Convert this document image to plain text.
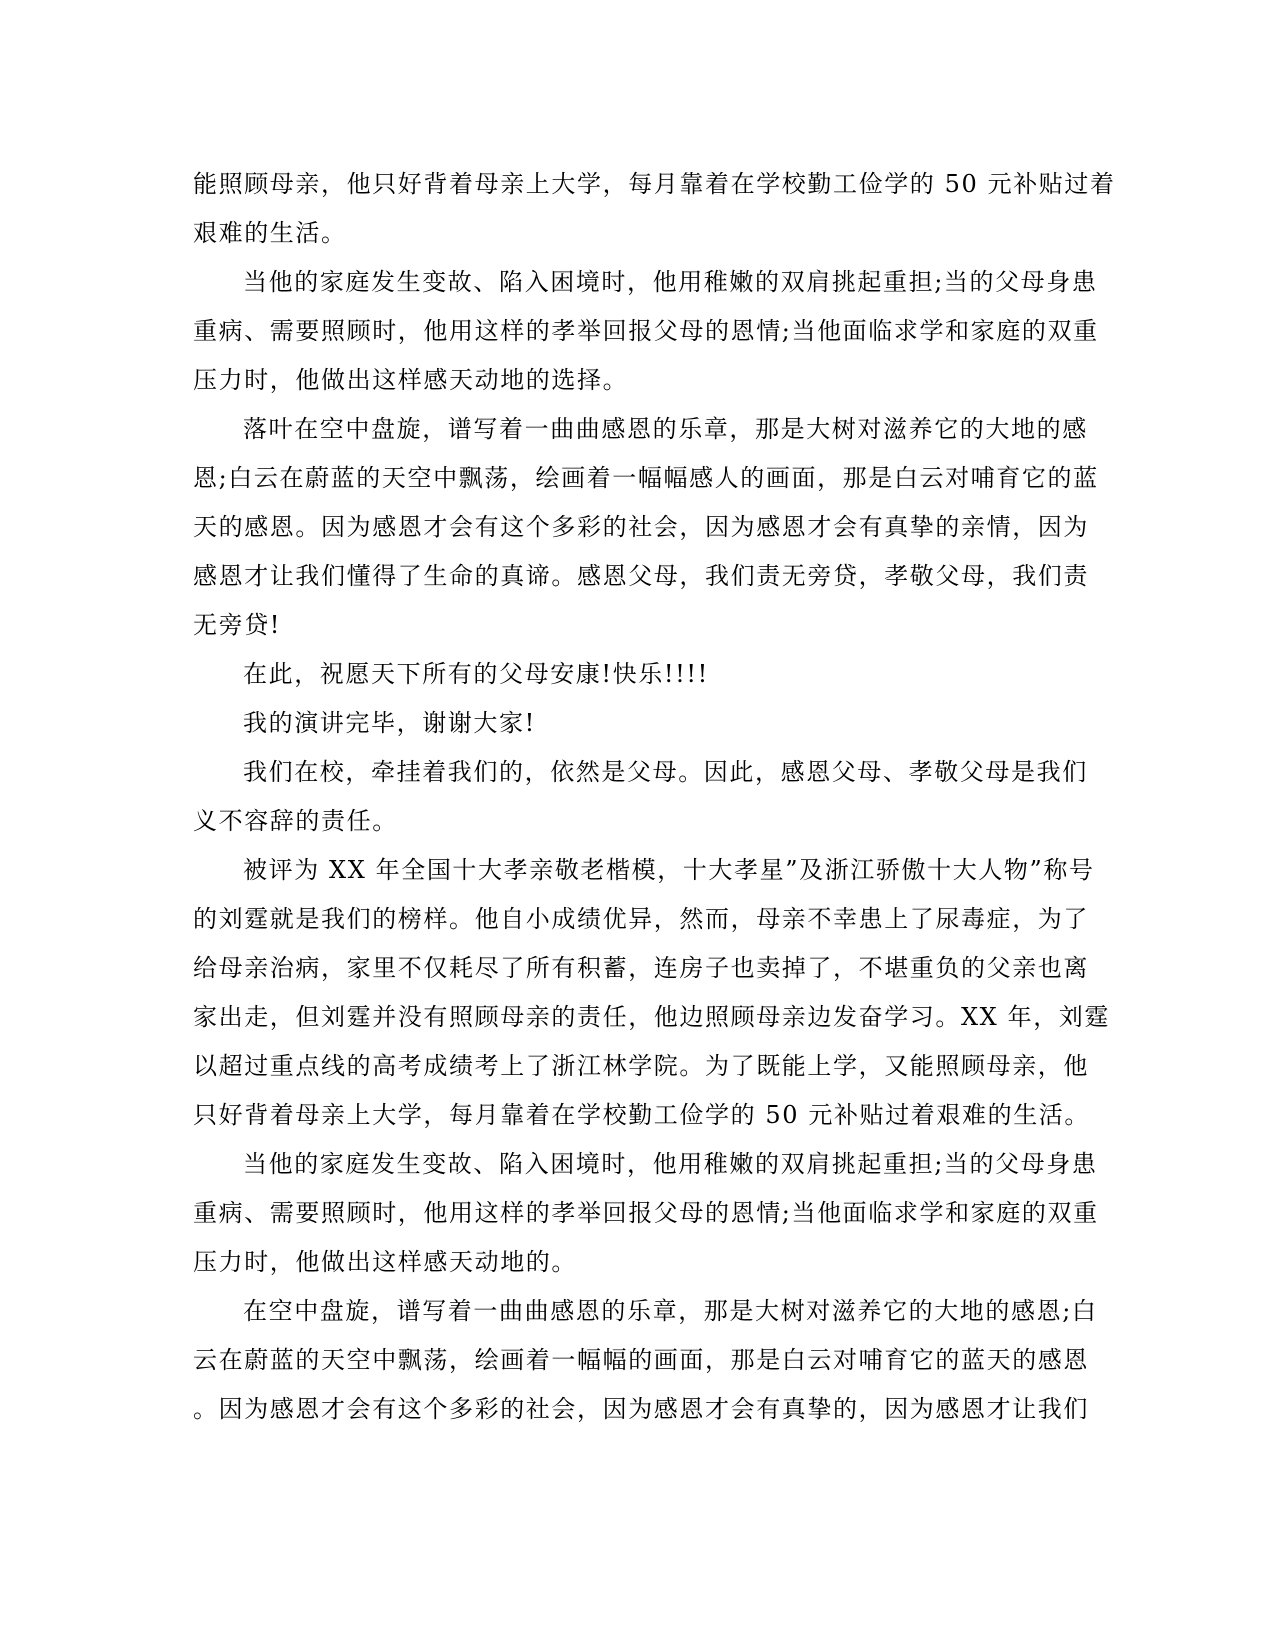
能照顾母亲，他只好背着母亲上大学，每月靠着在学校勤工俭学的 50 元补贴过着
艰难的生活。
当他的家庭发生变故、陷入困境时，他用稚嫩的双肩挑起重担;当的父母身患
重病、需要照顾时，他用这样的孝举回报父母的恩情;当他面临求学和家庭的双重
压力时，他做出这样感天动地的选择。
落叶在空中盘旋，谱写着一曲曲感恩的乐章，那是大树对滋养它的大地的感
恩;白云在蔚蓝的天空中飘荡，绘画着一幅幅感人的画面，那是白云对哺育它的蓝
天的感恩。因为感恩才会有这个多彩的社会，因为感恩才会有真挚的亲情，因为
感恩才让我们懂得了生命的真谛。感恩父母，我们责无旁贷，孝敬父母，我们责
无旁贷!
在此，祝愿天下所有的父母安康!快乐!!!!
我的演讲完毕，谢谢大家!
我们在校，牵挂着我们的，依然是父母。因此，感恩父母、孝敬父母是我们
义不容辞的责任。
被评为 XX 年全国十大孝亲敬老楷模，十大孝星”及浙江骄傲十大人物”称号
的刘霆就是我们的榜样。他自小成绩优异，然而，母亲不幸患上了尿毒症，为了
给母亲治病，家里不仅耗尽了所有积蓄，连房子也卖掉了，不堪重负的父亲也离
家出走，但刘霆并没有照顾母亲的责任，他边照顾母亲边发奋学习。XX 年，刘霆
以超过重点线的高考成绩考上了浙江林学院。为了既能上学，又能照顾母亲，他
只好背着母亲上大学，每月靠着在学校勤工俭学的 50 元补贴过着艰难的生活。
当他的家庭发生变故、陷入困境时，他用稚嫩的双肩挑起重担;当的父母身患
重病、需要照顾时，他用这样的孝举回报父母的恩情;当他面临求学和家庭的双重
压力时，他做出这样感天动地的。
在空中盘旋，谱写着一曲曲感恩的乐章，那是大树对滋养它的大地的感恩;白
云在蔚蓝的天空中飘荡，绘画着一幅幅的画面，那是白云对哺育它的蓝天的感恩
。因为感恩才会有这个多彩的社会，因为感恩才会有真挚的，因为感恩才让我们
